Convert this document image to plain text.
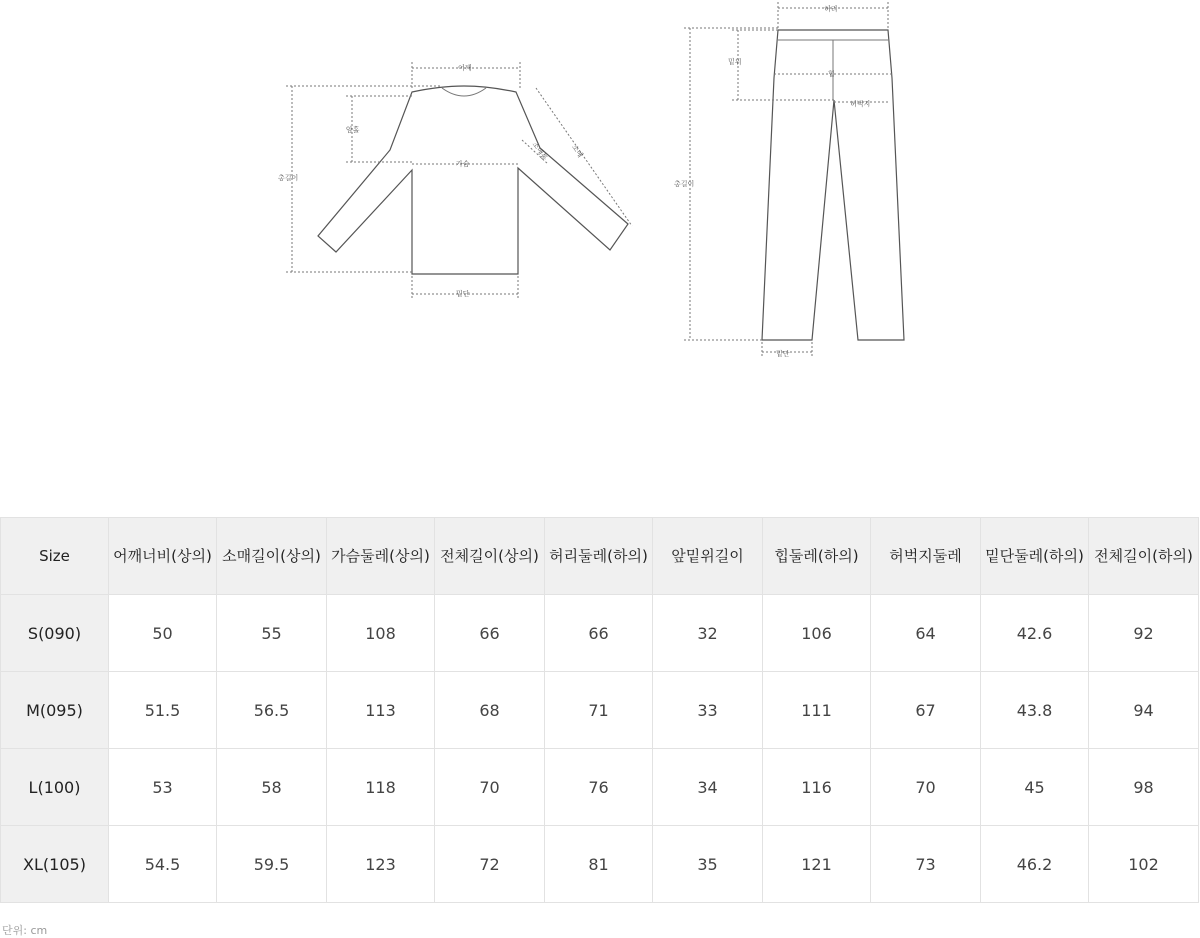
어깨
암홀
가슴
총길이
소매
소매통
밑단
허리
밑위
힙
허벅지
총길이
밑단
Size	어깨너비(상의)	소매길이(상의)	가슴둘레(상의)	전체길이(상의)	허리둘레(하의)	앞밑위길이	힙둘레(하의)	허벅지둘레	밑단둘레(하의)	전체길이(하의)
S(090)	50	55	108	66	66	32	106	64	42.6	92
M(095)	51.5	56.5	113	68	71	33	111	67	43.8	94
L(100)	53	58	118	70	76	34	116	70	45	98
XL(105)	54.5	59.5	123	72	81	35	121	73	46.2	102
단위: cm
